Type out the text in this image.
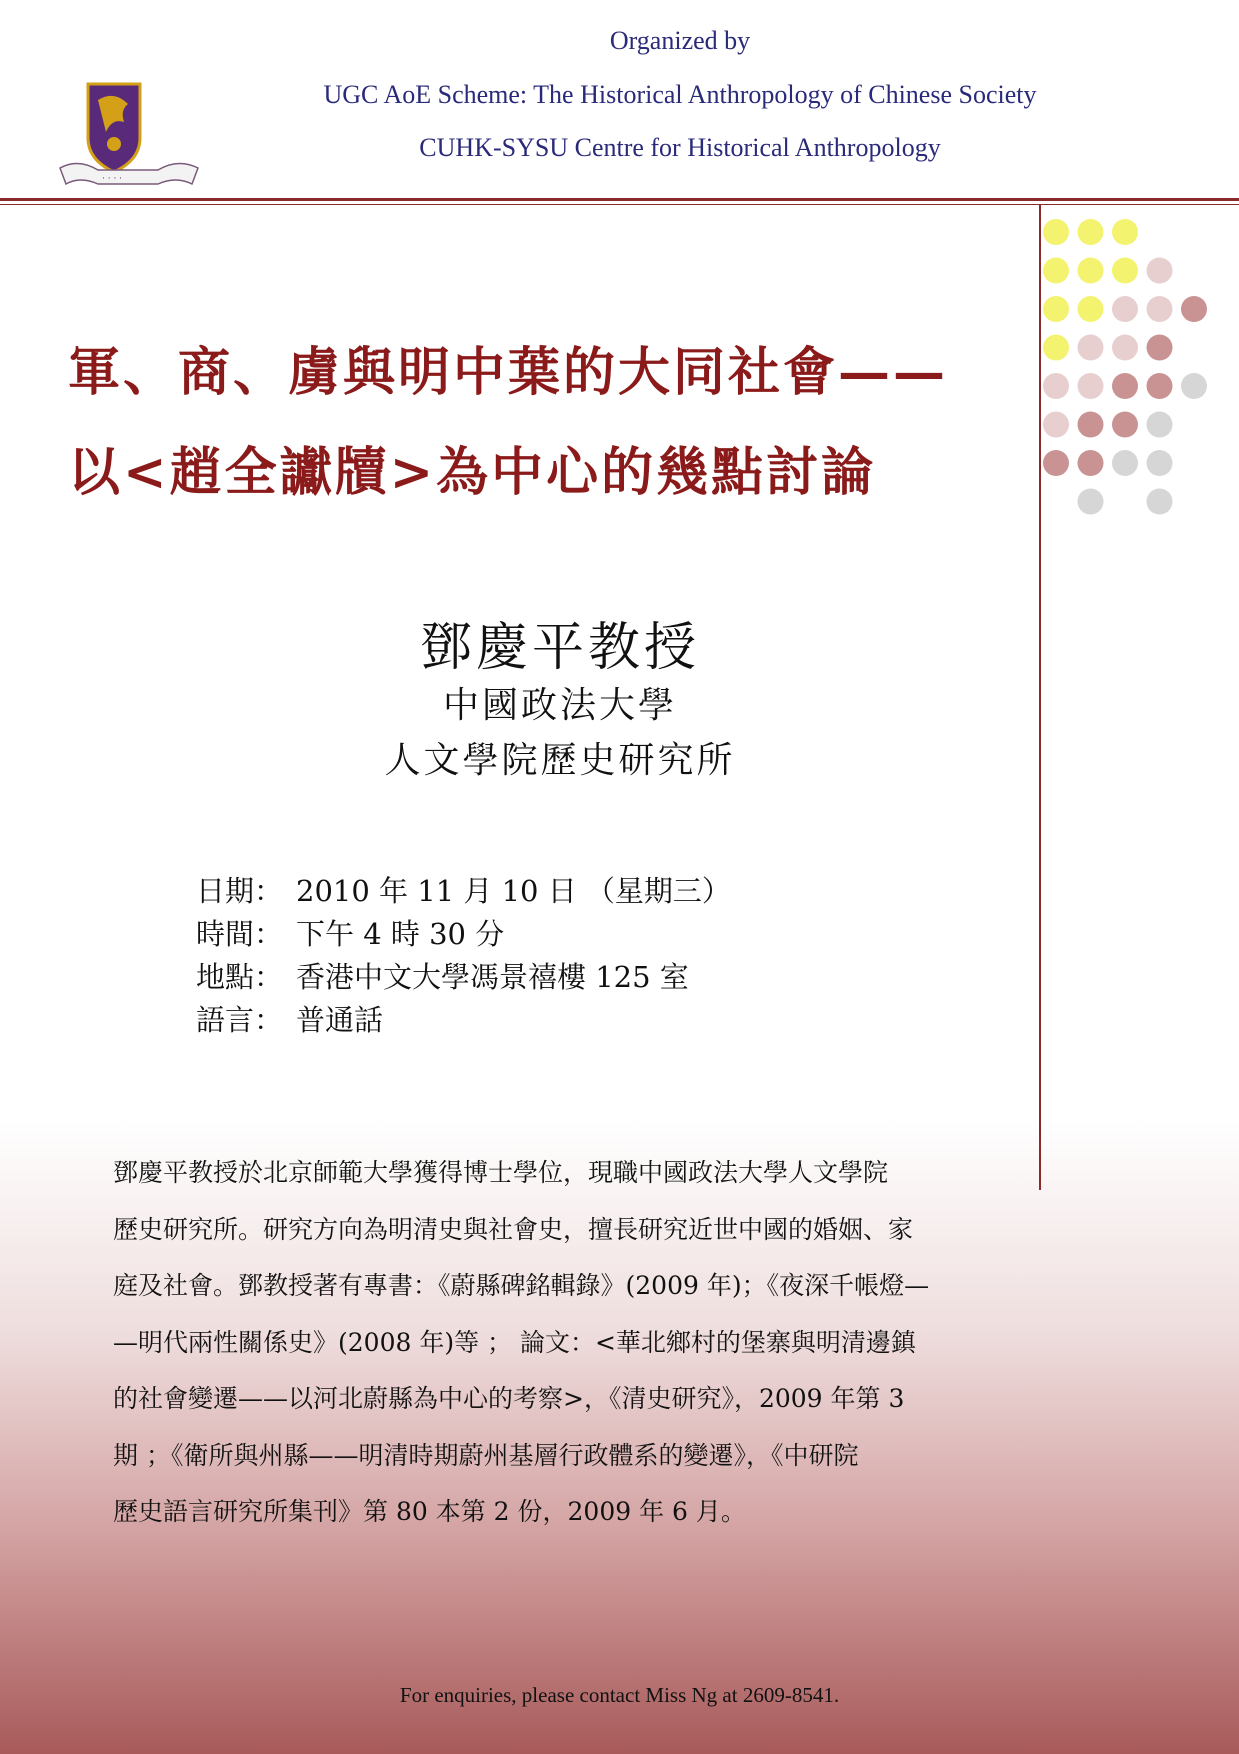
· · · ·
Organized by
UGC AoE Scheme: The Historical Anthropology of Chinese Society
CUHK-SYSU Centre for Historical Anthropology
軍、商、虜與明中葉的大同社會——
以<趙全讞牘>為中心的幾點討論
鄧慶平教授
中國政法大學
人文學院歷史研究所
日期： 2010 年 11 月 10 日 （星期三）
時間： 下午 4 時 30 分
地點： 香港中文大學馮景禧樓 125 室
語言： 普通話
鄧慶平教授於北京師範大學獲得博士學位，現職中國政法大學人文學院
歷史研究所。研究方向為明清史與社會史，擅長研究近世中國的婚姻、家
庭及社會。鄧教授著有專書：《蔚縣碑銘輯錄》(2009 年)；《夜深千帳燈—
—明代兩性關係史》(2008 年)等 ； 論文：<華北鄉村的堡寨與明清邊鎮
的社會變遷——以河北蔚縣為中心的考察>，《清史研究》，2009 年第 3
期 ；《衛所與州縣——明清時期蔚州基層行政體系的變遷》，《中研院
歷史語言研究所集刊》第 80 本第 2 份，2009 年 6 月。
For enquiries, please contact Miss Ng at 2609-8541.
